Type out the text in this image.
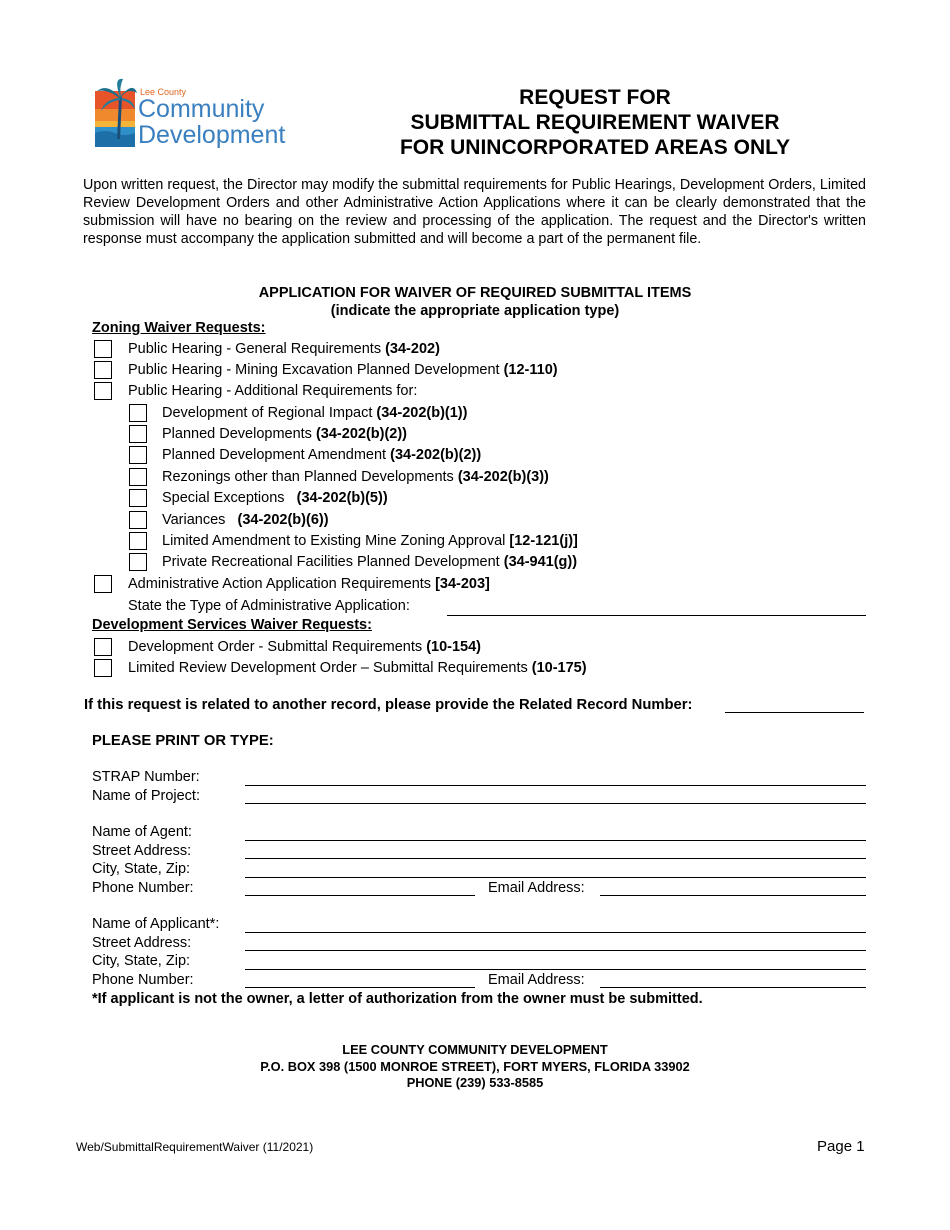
Lee County
Community
Development
REQUEST FOR
SUBMITTAL REQUIREMENT WAIVER
FOR UNINCORPORATED AREAS ONLY
Upon written request, the Director may modify the submittal requirements for Public Hearings, Development Orders, Limited Review Development Orders and other Administrative Action Applications where it can be clearly demonstrated that the submission will have no bearing on the review and processing of the application. The request and the Director's written response must accompany the application submitted and will become a part of the permanent file.
APPLICATION FOR WAIVER OF REQUIRED SUBMITTAL ITEMS
(indicate the appropriate application type)
Zoning Waiver Requests:
Public Hearing - General Requirements (34-202)
Public Hearing - Mining Excavation Planned Development (12-110)
Public Hearing - Additional Requirements for:
Development of Regional Impact (34-202(b)(1))
Planned Developments (34-202(b)(2))
Planned Development Amendment (34-202(b)(2))
Rezonings other than Planned Developments (34-202(b)(3))
Special Exceptions   (34-202(b)(5))
Variances   (34-202(b)(6))
Limited Amendment to Existing Mine Zoning Approval [12-121(j)]
Private Recreational Facilities Planned Development (34-941(g))
Administrative Action Application Requirements [34-203]
State the Type of Administrative Application:
Development Services Waiver Requests:
Development Order - Submittal Requirements (10-154)
Limited Review Development Order – Submittal Requirements (10-175)
If this request is related to another record, please provide the Related Record Number:
PLEASE PRINT OR TYPE:
STRAP Number:
Name of Project:
Name of Agent:
Street Address:
City, State, Zip:
Phone Number:	Email Address:
Name of Applicant*:
Street Address:
City, State, Zip:
Phone Number:	Email Address:
*If applicant is not the owner, a letter of authorization from the owner must be submitted.
LEE COUNTY COMMUNITY DEVELOPMENT
P.O. BOX 398 (1500 MONROE STREET), FORT MYERS, FLORIDA 33902
PHONE (239) 533-8585
Web/SubmittalRequirementWaiver (11/2021)	Page 1
